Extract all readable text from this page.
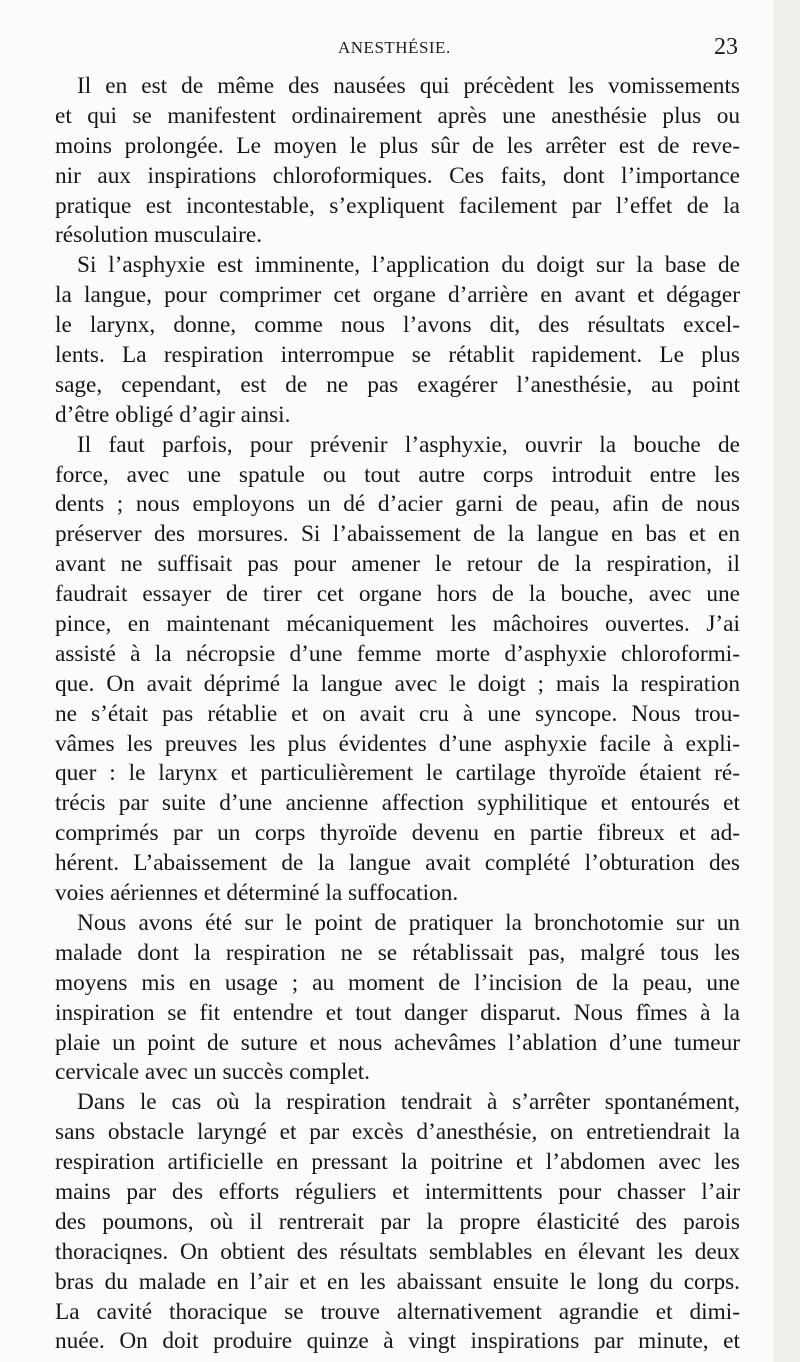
ANESTHÉSIE.	23
Il en est de même des nausées qui précèdent les vomissements
et qui se manifestent ordinairement après une anesthésie plus ou
moins prolongée. Le moyen le plus sûr de les arrêter est de reve-
nir aux inspirations chloroformiques. Ces faits, dont l’importance
pratique est incontestable, s’expliquent facilement par l’effet de la
résolution musculaire.
Si l’asphyxie est imminente, l’application du doigt sur la base de
la langue, pour comprimer cet organe d’arrière en avant et dégager
le larynx, donne, comme nous l’avons dit, des résultats excel-
lents. La respiration interrompue se rétablit rapidement. Le plus
sage, cependant, est de ne pas exagérer l’anesthésie, au point
d’être obligé d’agir ainsi.
Il faut parfois, pour prévenir l’asphyxie, ouvrir la bouche de
force, avec une spatule ou tout autre corps introduit entre les
dents ; nous employons un dé d’acier garni de peau, afin de nous
préserver des morsures. Si l’abaissement de la langue en bas et en
avant ne suffisait pas pour amener le retour de la respiration, il
faudrait essayer de tirer cet organe hors de la bouche, avec une
pince, en maintenant mécaniquement les mâchoires ouvertes. J’ai
assisté à la nécropsie d’une femme morte d’asphyxie chloroformi-
que. On avait déprimé la langue avec le doigt ; mais la respiration
ne s’était pas rétablie et on avait cru à une syncope. Nous trou-
vâmes les preuves les plus évidentes d’une asphyxie facile à expli-
quer : le larynx et particulièrement le cartilage thyroïde étaient ré-
trécis par suite d’une ancienne affection syphilitique et entourés et
comprimés par un corps thyroïde devenu en partie fibreux et ad-
hérent. L’abaissement de la langue avait complété l’obturation des
voies aériennes et déterminé la suffocation.
Nous avons été sur le point de pratiquer la bronchotomie sur un
malade dont la respiration ne se rétablissait pas, malgré tous les
moyens mis en usage ; au moment de l’incision de la peau, une
inspiration se fit entendre et tout danger disparut. Nous fîmes à la
plaie un point de suture et nous achevâmes l’ablation d’une tumeur
cervicale avec un succès complet.
Dans le cas où la respiration tendrait à s’arrêter spontanément,
sans obstacle laryngé et par excès d’anesthésie, on entretiendrait la
respiration artificielle en pressant la poitrine et l’abdomen avec les
mains par des efforts réguliers et intermittents pour chasser l’air
des poumons, où il rentrerait par la propre élasticité des parois
thoraciqnes. On obtient des résultats semblables en élevant les deux
bras du malade en l’air et en les abaissant ensuite le long du corps.
La cavité thoracique se trouve alternativement agrandie et dimi-
nuée. On doit produire quinze à vingt inspirations par minute, et
